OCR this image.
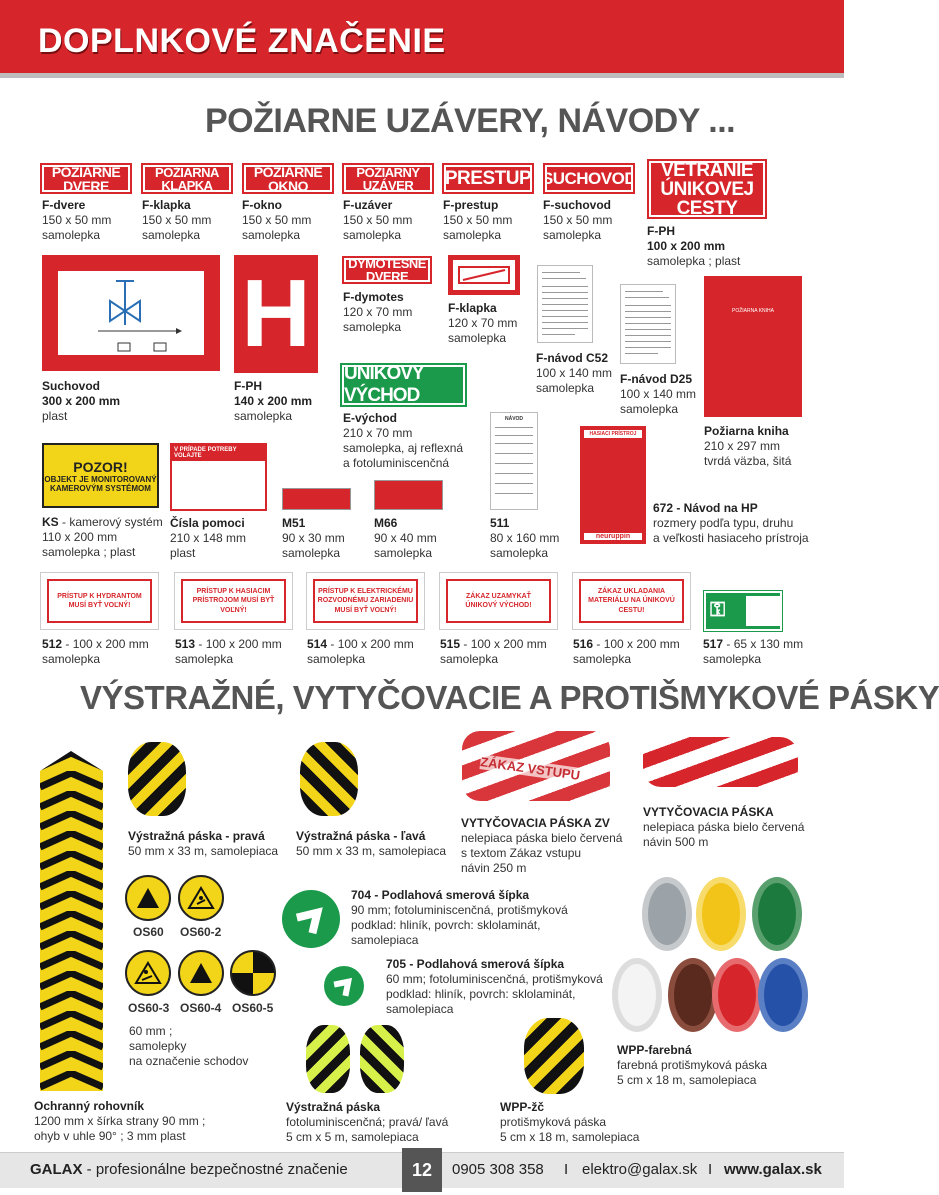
DOPLNKOVÉ ZNAČENIE
POŽIARNE UZÁVERY, NÁVODY ...
POŽIARNE DVERE
POŽIARNA KLAPKA
POŽIARNE OKNO
POŽIARNY UZÁVER	PRESTUP SUCHOVOD VETRANIE
ÚNIKOVEJ CESTY
F-dvere
150 x 50 mm
samolepka
F-klapka
150 x 50 mm
samolepka
F-okno
150 x 50 mm
samolepka
F-uzáver
150 x 50 mm
samolepka
F-prestup
150 x 50 mm
samolepka
F-suchovod
150 x 50 mm
samolepka	F-PH
100 x 200 mm
samolepka ; plast
Suchovod
300 x 200 mm
plast
H
F-PH
140 x 200 mm
samolepka
DYMOTESNÉ DVERE
F-dymotes
120 x 70 mm
samolepka
F-klapka
120 x 70 mm
samolepka
F-návod C52
100 x 140 mm
samolepka
F-návod D25
100 x 140 mm
samolepka
POŽIARNA KNIHA
Požiarna kniha
210 x 297 mm
tvrdá väzba, šitá
ÚNIKOVÝ VÝCHOD
E-východ
210 x 70 mm
samolepka, aj reflexná
a fotoluminiscenčná
POZOR!
OBJEKT JE MONITOROVANÝ
KAMEROVÝM SYSTÉMOM
KS - kamerový systém
110 x 200 mm
samolepka ; plast
V PRÍPADE POTREBY VOLAJTE
Čísla pomoci
210 x 148 mm
plast
M51
90 x 30 mm
samolepka
M66
90 x 40 mm
samolepka
NÁVOD
511
80 x 160 mm
samolepka
HASIACI PRÍSTROJ
neuruppin
672 - Návod na HP
rozmery podľa typu, druhu
a veľkosti hasiaceho prístroja
PRÍSTUP K HYDRANTOM MUSÍ BYŤ VOĽNÝ!
512 - 100 x 200 mm
samolepka
PRÍSTUP K HASIACIM PRÍSTROJOM MUSÍ BYŤ VOĽNÝ!
513 - 100 x 200 mm
samolepka
PRÍSTUP K ELEKTRICKÉMU ROZVODNÉMU ZARIADENIU MUSÍ BYŤ VOĽNÝ!
514 - 100 x 200 mm
samolepka
ZÁKAZ UZAMYKAŤ ÚNIKOVÝ VÝCHOD!
515 - 100 x 200 mm
samolepka
ZÁKAZ UKLADANIA MATERIÁLU NA ÚNIKOVÚ CESTU!
516 - 100 x 200 mm
samolepka
⚿
517 - 65 x 130 mm
samolepka
VÝSTRAŽNÉ, VYTYČOVACIE A PROTIŠMYKOVÉ PÁSKY
Ochranný rohovník
1200 mm x šírka strany 90 mm ;
ohyb v uhle 90° ; 3 mm plast
Výstražná páska - pravá
50 mm x 33 m, samolepiaca
Výstražná páska - ľavá
50 mm x 33 m, samolepiaca
ZÁKAZ VSTUPU
VYTYČOVACIA PÁSKA ZV
nelepiaca páska bielo červená
s textom Zákaz vstupu
návin 250 m
VYTYČOVACIA PÁSKA
nelepiaca páska bielo červená
návin 500 m
OS60 OS60-2
OS60-3 OS60-4 OS60-5
60 mm ;
samolepky
na označenie schodov
704 - Podlahová smerová šípka
90 mm; fotoluminiscenčná, protišmyková
podklad: hliník, povrch: sklolaminát,
samolepiaca
705 - Podlahová smerová šípka
60 mm; fotoluminiscenčná, protišmyková
podklad: hliník, povrch: sklolaminát,
samolepiaca
WPP-farebná
farebná protišmyková páska
5 cm x 18 m, samolepiaca
Výstražná páska
fotoluminiscenčná; pravá/ ľavá
5 cm x 5 m, samolepiaca
WPP-žč
protišmyková páska
5 cm x 18 m, samolepiaca
GALAX - profesionálne bezpečnostné značenie	0905 308 358 I elektro@galax.sk I www.galax.sk
12
